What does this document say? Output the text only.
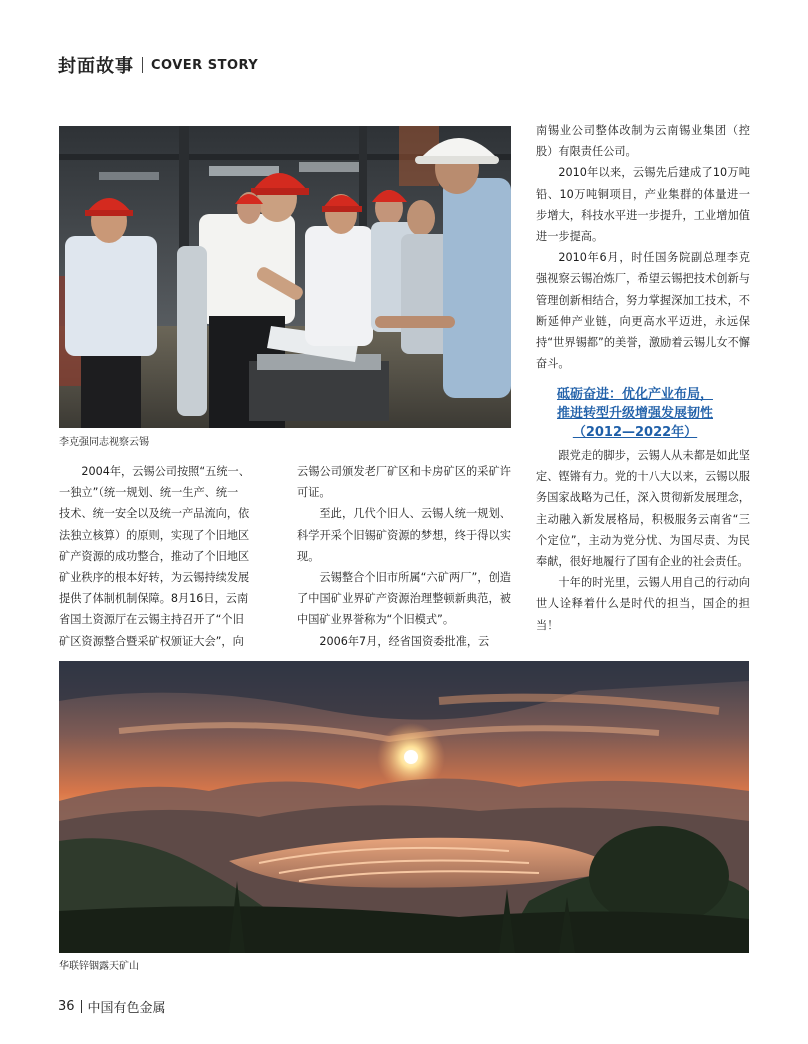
封面故事 COVER STORY
李克强同志视察云锡
2004年，云锡公司按照“五统一、
一独立”（统一规划、统一生产、统一
技术、统一安全以及统一产品流向，依
法独立核算）的原则，实现了个旧地区
矿产资源的成功整合，推动了个旧地区
矿业秩序的根本好转，为云锡持续发展
提供了体制机制保障。8月16日，云南
省国土资源厅在云锡主持召开了“个旧
矿区资源整合暨采矿权颁证大会”，向

云锡公司颁发老厂矿区和卡房矿区的采矿许可证。

至此，几代个旧人、云锡人统一规划、科学开采个旧锡矿资源的梦想，终于得以实现。

云锡整合个旧市所属“六矿两厂”，创造了中国矿业界矿产资源治理整顿新典范，被中国矿业界誉称为“个旧模式”。

2006年7月，经省国资委批准，云

南锡业公司整体改制为云南锡业集团（控股）有限责任公司。

2010年以来，云锡先后建成了10万吨铅、10万吨铜项目，产业集群的体量进一步增大，科技水平进一步提升，工业增加值进一步提高。

2010年6月，时任国务院副总理李克强视察云锡冶炼厂，希望云锡把技术创新与管理创新相结合，努力掌握深加工技术，不断延伸产业链，向更高水平迈进，永远保持“世界锡都”的美誉，激励着云锡儿女不懈奋斗。

砥砺奋进：优化产业布局，
推进转型升级增强发展韧性
（2012—2022年）

跟党走的脚步，云锡人从未都是如此坚定、铿锵有力。党的十八大以来，云锡以服务国家战略为己任，深入贯彻新发展理念，主动融入新发展格局，积极服务云南省“三个定位”，主动为党分忧、为国尽责、为民奉献，很好地履行了国有企业的社会责任。

十年的时光里，云锡人用自己的行动向世人诠释着什么是时代的担当，国企的担当！

华联锌铟露天矿山
36 中国有色金属
